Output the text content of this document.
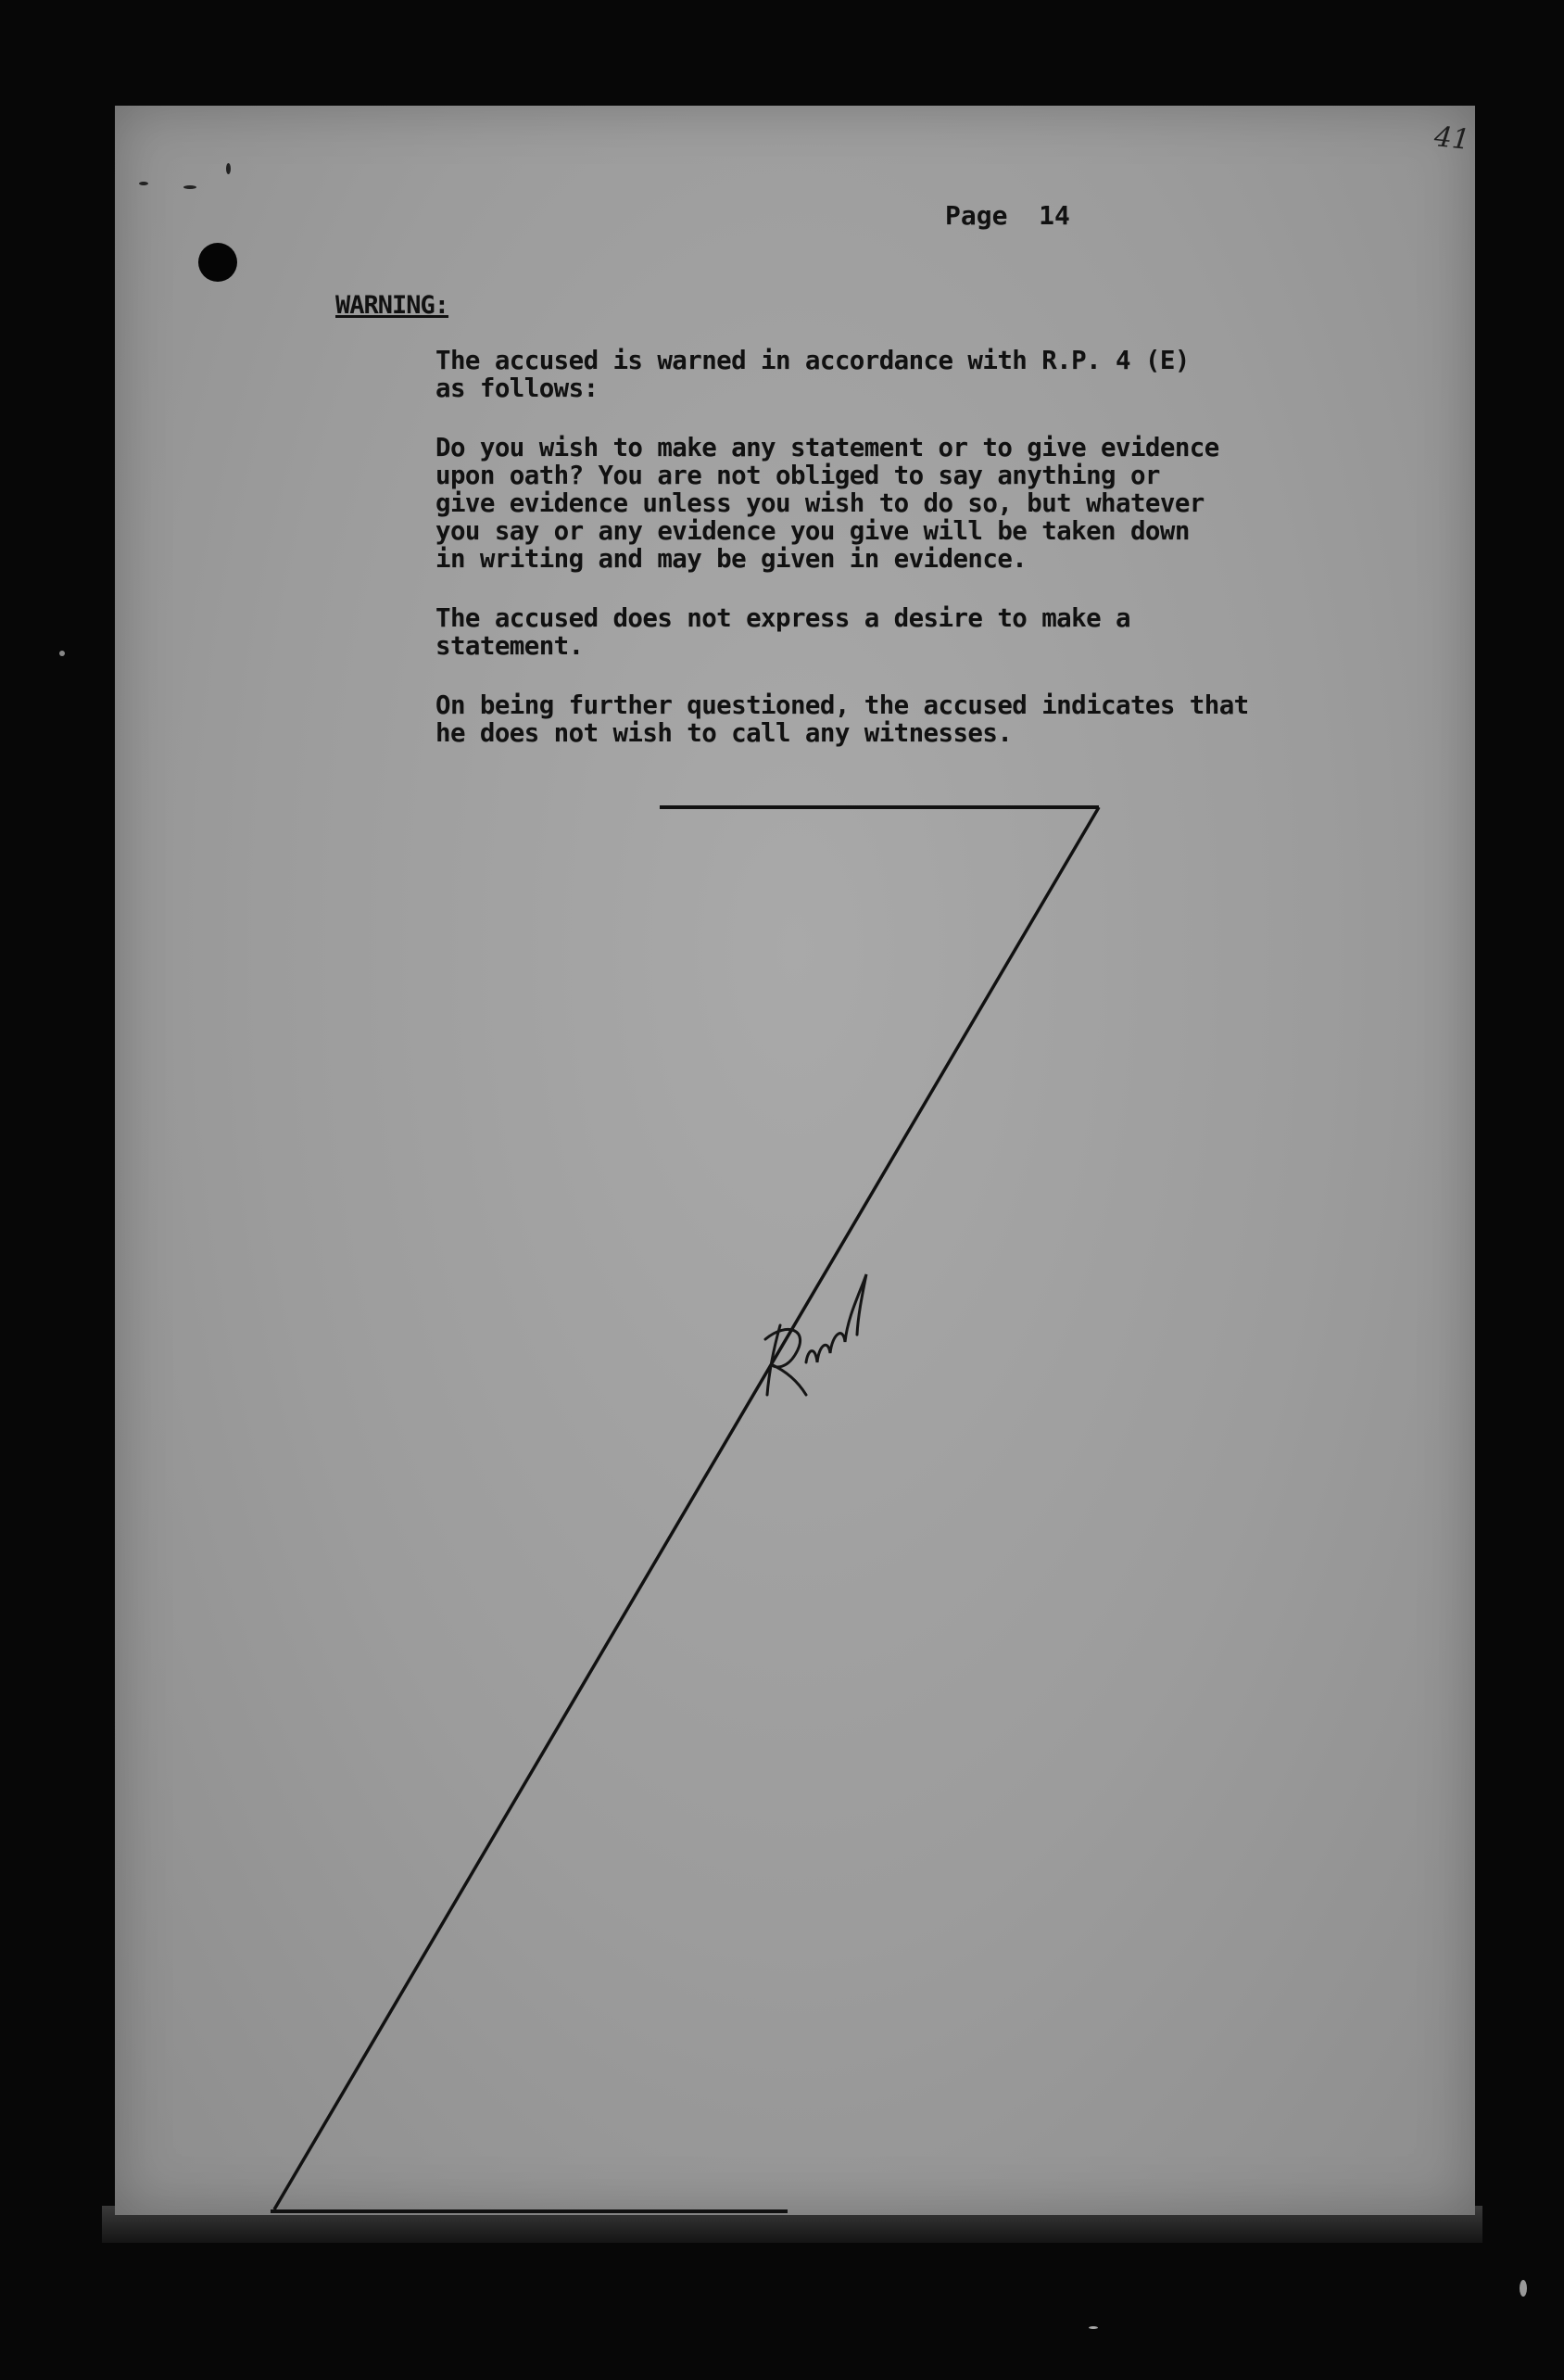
41
Page  14
WARNING:
The accused is warned in accordance with R.P. 4 (E)
as follows:
Do you wish to make any statement or to give evidence
upon oath? You are not obliged to say anything or
give evidence unless you wish to do so, but whatever
you say or any evidence you give will be taken down
in writing and may be given in evidence.
The accused does not express a desire to make a
statement.
On being further questioned, the accused indicates that
he does not wish to call any witnesses.
